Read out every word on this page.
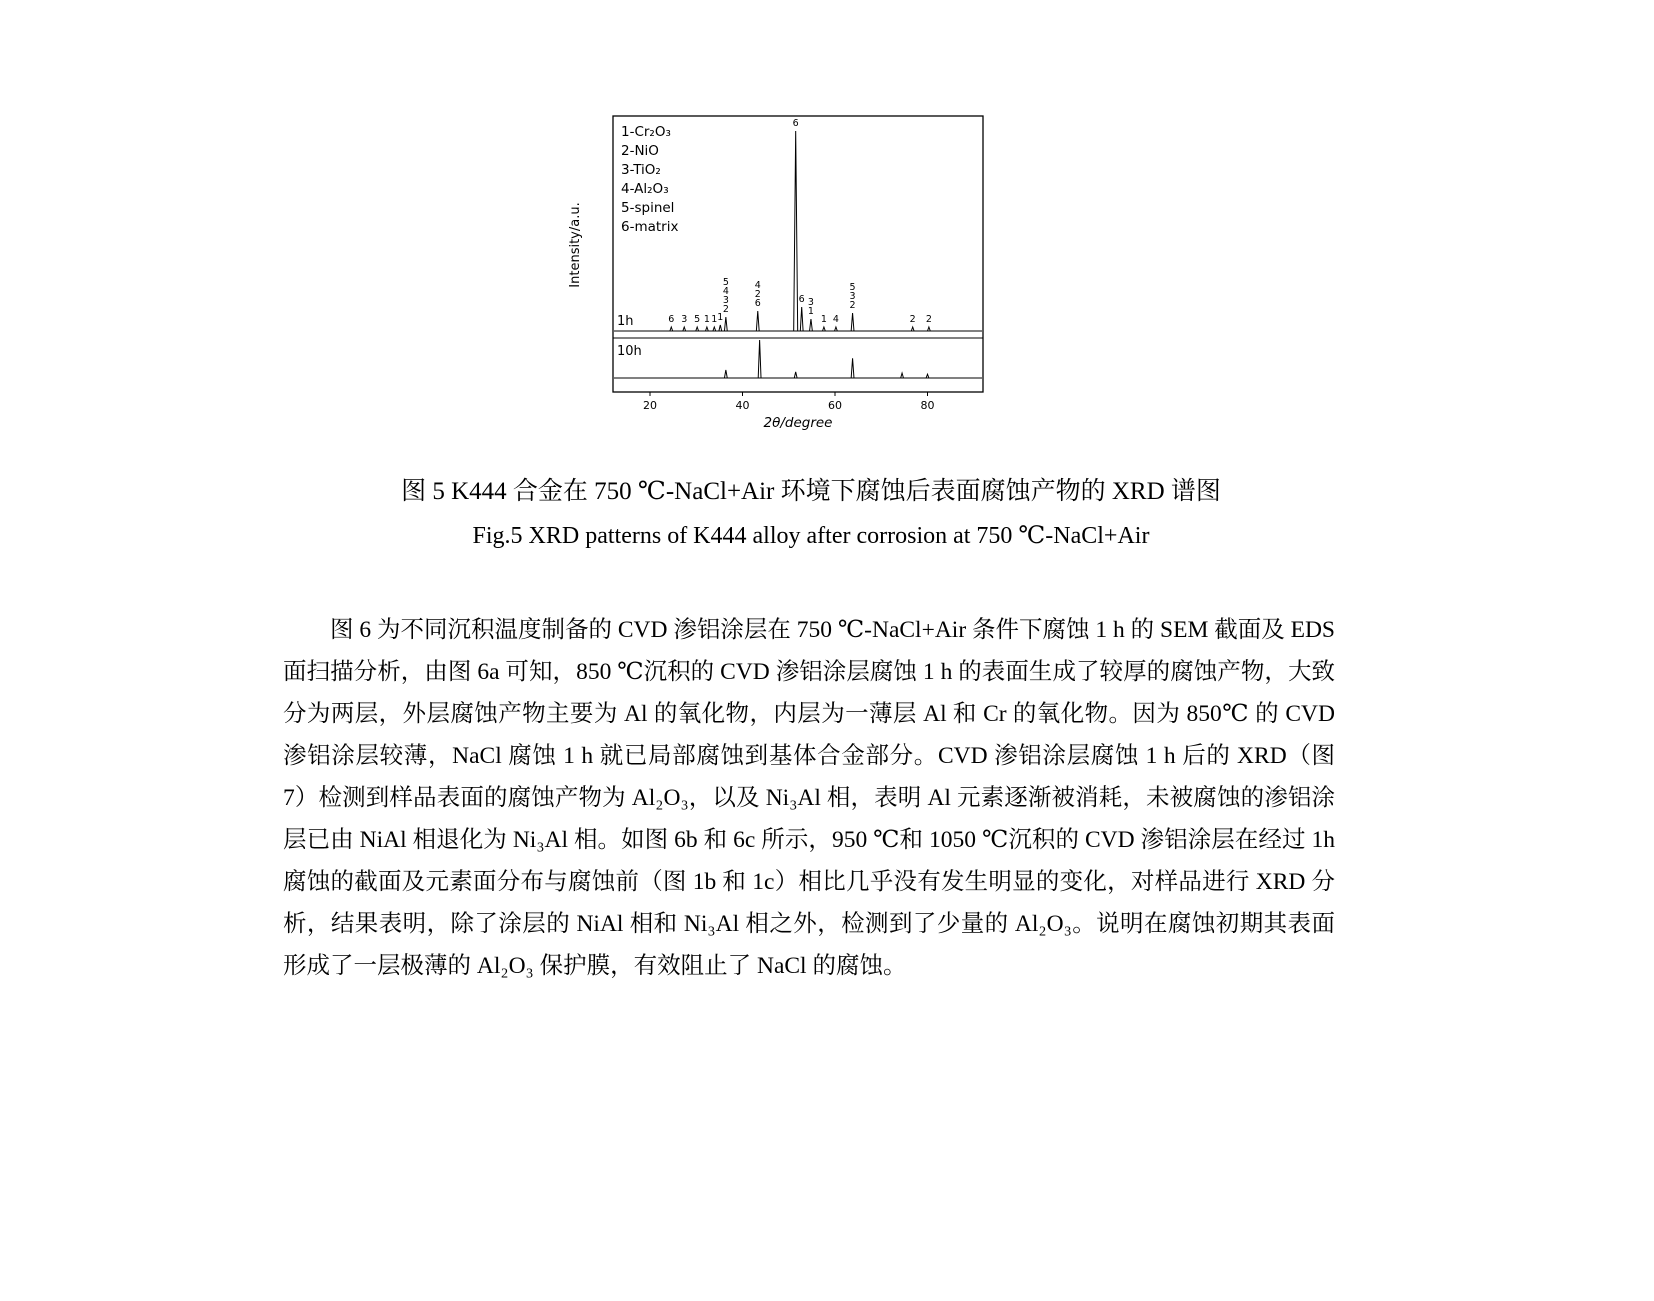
20	40	60	80
1-Cr₂O₃
2-NiO
3-TiO₂
4-Al₂O₃
5-spinel
6-matrix
Intensity/a.u.
2θ/degree
1h	6 3 5 1 1 1
5
4
3
2
4
2
6
6
6 3
1
1 4
5
3
2
2 2
10h

图 5 K444 合金在 750 ℃-NaCl+Air 环境下腐蚀后表面腐蚀产物的 XRD 谱图

Fig.5 XRD patterns of K444 alloy after corrosion at 750 ℃-NaCl+Air

图 6 为不同沉积温度制备的 CVD 渗铝涂层在 750 ℃-NaCl+Air 条件下腐蚀 1 h 的 SEM 截面及 EDS 面扫描分析，由图 6a 可知，850 ℃沉积的 CVD 渗铝涂层腐蚀 1 h 的表面生成了较厚的腐蚀产物，大致分为两层，外层腐蚀产物主要为 Al 的氧化物，内层为一薄层 Al 和 Cr 的氧化物。因为 850℃ 的 CVD 渗铝涂层较薄，NaCl 腐蚀 1 h 就已局部腐蚀到基体合金部分。CVD 渗铝涂层腐蚀 1 h 后的 XRD（图 7）检测到样品表面的腐蚀产物为 Al₂O₃，以及 Ni₃Al 相，表明 Al 元素逐渐被消耗，未被腐蚀的渗铝涂层已由 NiAl 相退化为 Ni₃Al 相。如图 6b 和 6c 所示，950 ℃和 1050 ℃沉积的 CVD 渗铝涂层在经过 1h 腐蚀的截面及元素面分布与腐蚀前（图 1b 和 1c）相比几乎没有发生明显的变化，对样品进行 XRD 分析，结果表明，除了涂层的 NiAl 相和 Ni₃Al 相之外，检测到了少量的 Al₂O₃。说明在腐蚀初期其表面形成了一层极薄的 Al₂O₃ 保护膜，有效阻止了 NaCl 的腐蚀。
